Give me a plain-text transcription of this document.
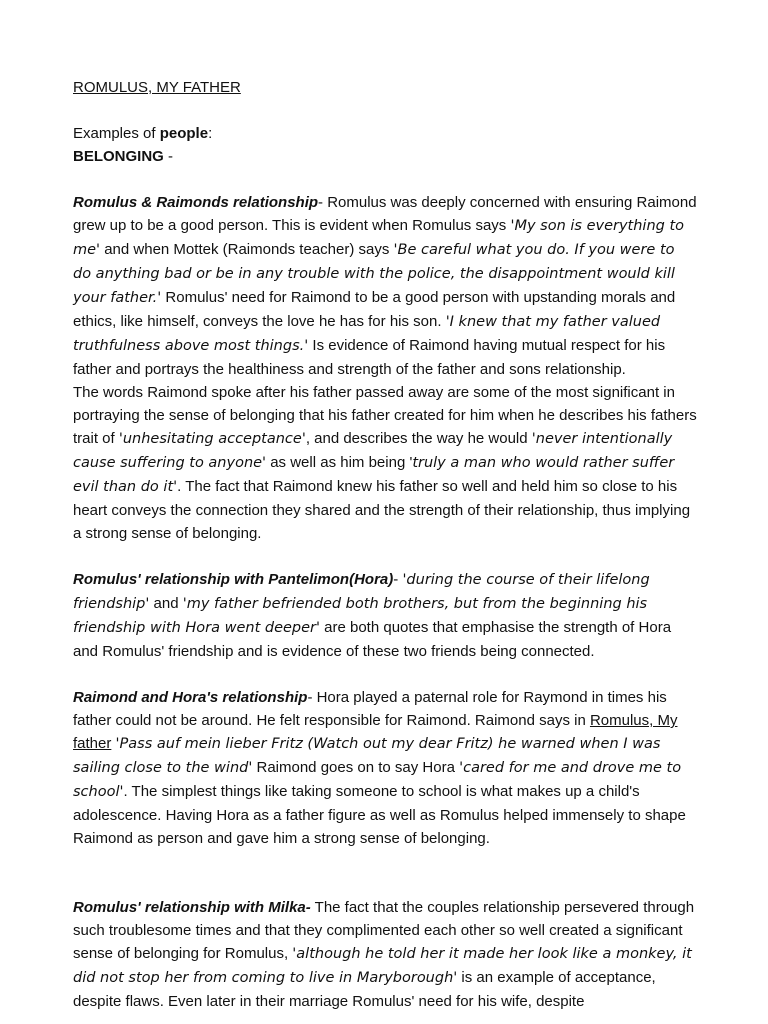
ROMULUS, MY FATHER

Examples of people:

BELONGING -

Romulus & Raimonds relationship- Romulus was deeply concerned with ensuring Raimond grew up to be a good person. This is evident when Romulus says 'My son is everything to me' and when Mottek (Raimonds teacher) says 'Be careful what you do. If you were to do anything bad or be in any trouble with the police, the disappointment would kill your father.' Romulus' need for Raimond to be a good person with upstanding morals and ethics, like himself, conveys the love he has for his son. 'I knew that my father valued truthfulness above most things.' Is evidence of Raimond having mutual respect for his father and portrays the healthiness and strength of the father and sons relationship.

The words Raimond spoke after his father passed away are some of the most significant in portraying the sense of belonging that his father created for him when he describes his fathers trait of 'unhesitating acceptance', and describes the way he would 'never intentionally cause suffering to anyone' as well as him being 'truly a man who would rather suffer evil than do it'. The fact that Raimond knew his father so well and held him so close to his heart conveys the connection they shared and the strength of their relationship, thus implying a strong sense of belonging.

Romulus' relationship with Pantelimon(Hora)- 'during the course of their lifelong friendship' and 'my father befriended both brothers, but from the beginning his friendship with Hora went deeper' are both quotes that emphasise the strength of Hora and Romulus' friendship and is evidence of these two friends being connected.

Raimond and Hora's relationship- Hora played a paternal role for Raymond in times his father could not be around. He felt responsible for Raimond. Raimond says in Romulus, My father 'Pass auf mein lieber Fritz (Watch out my dear Fritz) he warned when I was sailing close to the wind' Raimond goes on to say Hora 'cared for me and drove me to school'. The simplest things like taking someone to school is what makes up a child's adolescence. Having Hora as a father figure as well as Romulus helped immensely to shape Raimond as person and gave him a strong sense of belonging.

Romulus' relationship with Milka- The fact that the couples relationship persevered through such troublesome times and that they complimented each other so well created a significant sense of belonging for Romulus, 'although he told her it made her look like a monkey, it did not stop her from coming to live in Maryborough' is an example of acceptance, despite flaws. Even later in their marriage Romulus' need for his wife, despite
